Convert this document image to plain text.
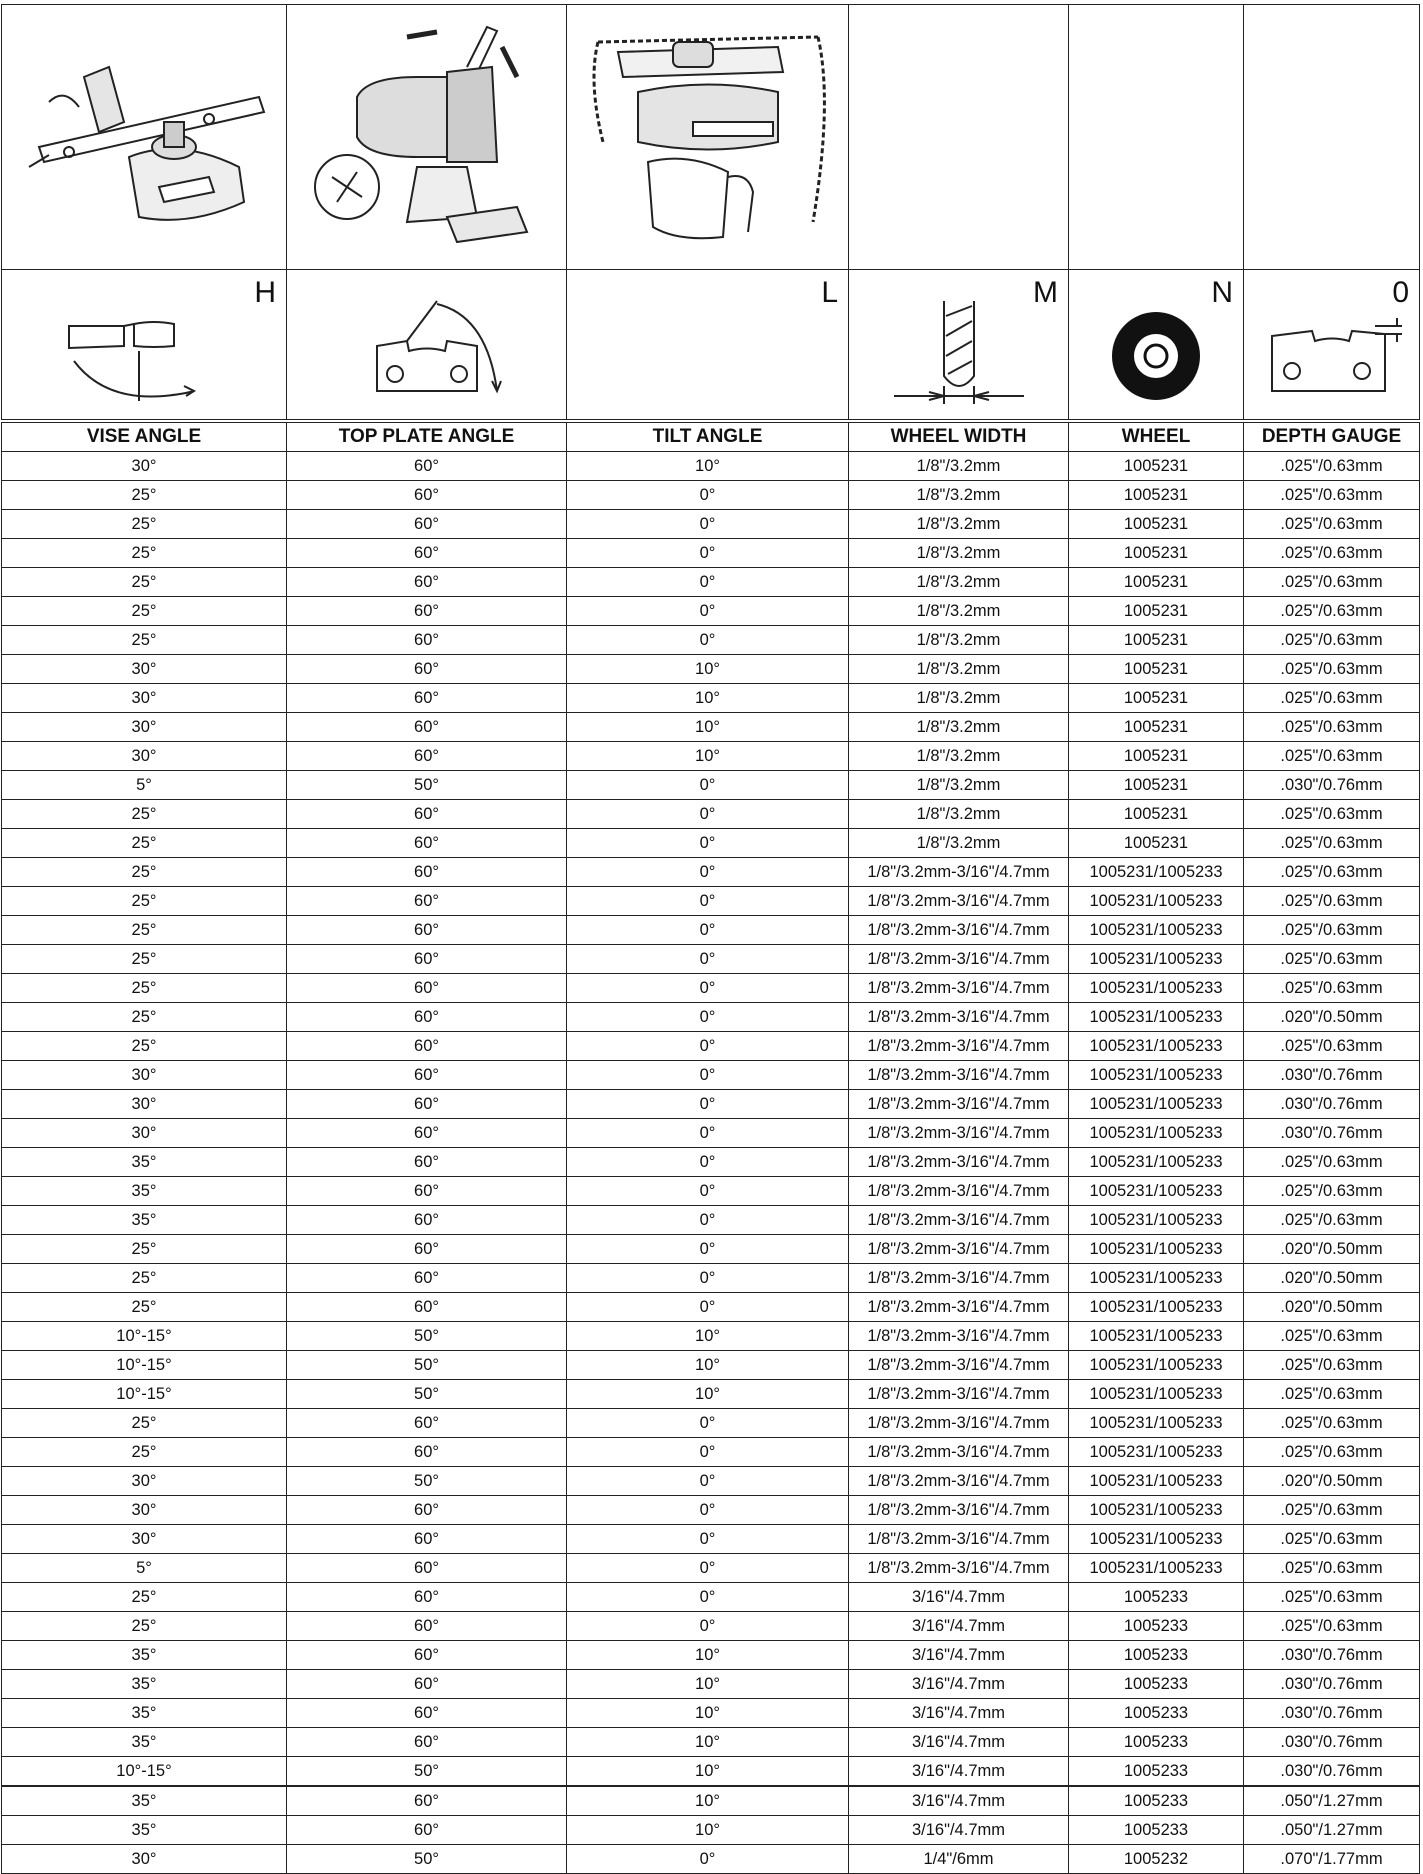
H		L	M	N	0
VISE ANGLE	TOP PLATE ANGLE	TILT ANGLE	WHEEL WIDTH	WHEEL	DEPTH GAUGE
30°	60°	10°	1/8"/3.2mm	1005231	.025"/0.63mm
25°	60°	0°	1/8"/3.2mm	1005231	.025"/0.63mm
25°	60°	0°	1/8"/3.2mm	1005231	.025"/0.63mm
25°	60°	0°	1/8"/3.2mm	1005231	.025"/0.63mm
25°	60°	0°	1/8"/3.2mm	1005231	.025"/0.63mm
25°	60°	0°	1/8"/3.2mm	1005231	.025"/0.63mm
25°	60°	0°	1/8"/3.2mm	1005231	.025"/0.63mm
30°	60°	10°	1/8"/3.2mm	1005231	.025"/0.63mm
30°	60°	10°	1/8"/3.2mm	1005231	.025"/0.63mm
30°	60°	10°	1/8"/3.2mm	1005231	.025"/0.63mm
30°	60°	10°	1/8"/3.2mm	1005231	.025"/0.63mm
5°	50°	0°	1/8"/3.2mm	1005231	.030"/0.76mm
25°	60°	0°	1/8"/3.2mm	1005231	.025"/0.63mm
25°	60°	0°	1/8"/3.2mm	1005231	.025"/0.63mm
25°	60°	0°	1/8"/3.2mm-3/16"/4.7mm	1005231/1005233	.025"/0.63mm
25°	60°	0°	1/8"/3.2mm-3/16"/4.7mm	1005231/1005233	.025"/0.63mm
25°	60°	0°	1/8"/3.2mm-3/16"/4.7mm	1005231/1005233	.025"/0.63mm
25°	60°	0°	1/8"/3.2mm-3/16"/4.7mm	1005231/1005233	.025"/0.63mm
25°	60°	0°	1/8"/3.2mm-3/16"/4.7mm	1005231/1005233	.025"/0.63mm
25°	60°	0°	1/8"/3.2mm-3/16"/4.7mm	1005231/1005233	.020"/0.50mm
25°	60°	0°	1/8"/3.2mm-3/16"/4.7mm	1005231/1005233	.025"/0.63mm
30°	60°	0°	1/8"/3.2mm-3/16"/4.7mm	1005231/1005233	.030"/0.76mm
30°	60°	0°	1/8"/3.2mm-3/16"/4.7mm	1005231/1005233	.030"/0.76mm
30°	60°	0°	1/8"/3.2mm-3/16"/4.7mm	1005231/1005233	.030"/0.76mm
35°	60°	0°	1/8"/3.2mm-3/16"/4.7mm	1005231/1005233	.025"/0.63mm
35°	60°	0°	1/8"/3.2mm-3/16"/4.7mm	1005231/1005233	.025"/0.63mm
35°	60°	0°	1/8"/3.2mm-3/16"/4.7mm	1005231/1005233	.025"/0.63mm
25°	60°	0°	1/8"/3.2mm-3/16"/4.7mm	1005231/1005233	.020"/0.50mm
25°	60°	0°	1/8"/3.2mm-3/16"/4.7mm	1005231/1005233	.020"/0.50mm
25°	60°	0°	1/8"/3.2mm-3/16"/4.7mm	1005231/1005233	.020"/0.50mm
10°-15°	50°	10°	1/8"/3.2mm-3/16"/4.7mm	1005231/1005233	.025"/0.63mm
10°-15°	50°	10°	1/8"/3.2mm-3/16"/4.7mm	1005231/1005233	.025"/0.63mm
10°-15°	50°	10°	1/8"/3.2mm-3/16"/4.7mm	1005231/1005233	.025"/0.63mm
25°	60°	0°	1/8"/3.2mm-3/16"/4.7mm	1005231/1005233	.025"/0.63mm
25°	60°	0°	1/8"/3.2mm-3/16"/4.7mm	1005231/1005233	.025"/0.63mm
30°	50°	0°	1/8"/3.2mm-3/16"/4.7mm	1005231/1005233	.020"/0.50mm
30°	60°	0°	1/8"/3.2mm-3/16"/4.7mm	1005231/1005233	.025"/0.63mm
30°	60°	0°	1/8"/3.2mm-3/16"/4.7mm	1005231/1005233	.025"/0.63mm
5°	60°	0°	1/8"/3.2mm-3/16"/4.7mm	1005231/1005233	.025"/0.63mm
25°	60°	0°	3/16"/4.7mm	1005233	.025"/0.63mm
25°	60°	0°	3/16"/4.7mm	1005233	.025"/0.63mm
35°	60°	10°	3/16"/4.7mm	1005233	.030"/0.76mm
35°	60°	10°	3/16"/4.7mm	1005233	.030"/0.76mm
35°	60°	10°	3/16"/4.7mm	1005233	.030"/0.76mm
35°	60°	10°	3/16"/4.7mm	1005233	.030"/0.76mm
10°-15°	50°	10°	3/16"/4.7mm	1005233	.030"/0.76mm
35°	60°	10°	3/16"/4.7mm	1005233	.050"/1.27mm
35°	60°	10°	3/16"/4.7mm	1005233	.050"/1.27mm
30°	50°	0°	1/4"/6mm	1005232	.070"/1.77mm
